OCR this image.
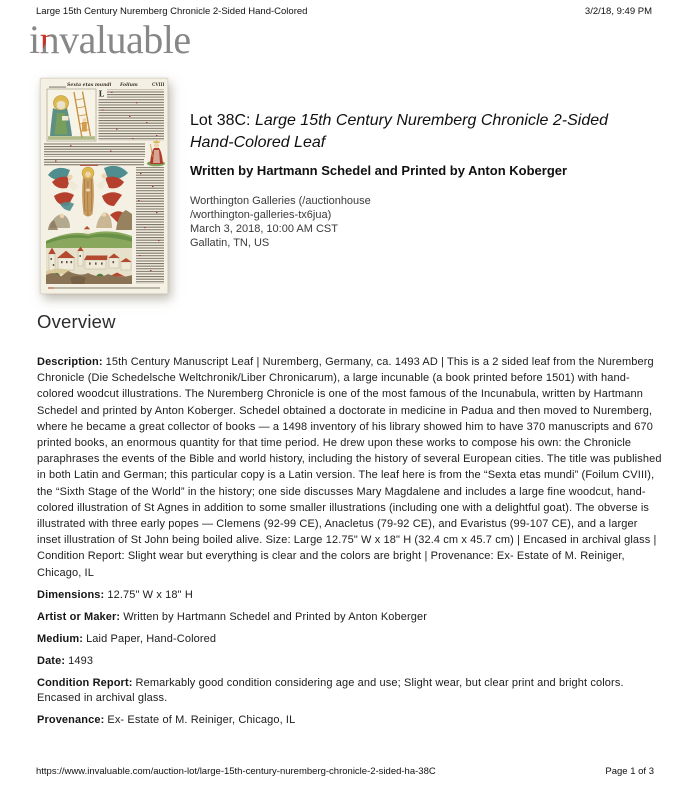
Large 15th Century Nuremberg Chronicle 2-Sided Hand-Colored	3/2/18, 9:49 PM
invaluable
Sexta etas mundi Folium	CVIII
L
Lot 38C: Large 15th Century Nuremberg Chronicle 2-Sided Hand-Colored Leaf
Written by Hartmann Schedel and Printed by Anton Koberger
Worthington Galleries (/auctionhouse
/worthington-galleries-tx6jua)
March 3, 2018, 10:00 AM CST
Gallatin, TN, US
Overview
Description: 15th Century Manuscript Leaf | Nuremberg, Germany, ca. 1493 AD | This is a 2 sided leaf from the Nuremberg Chronicle (Die Schedelsche Weltchronik/Liber Chronicarum), a large incunable (a book printed before 1501) with hand-colored woodcut illustrations. The Nuremberg Chronicle is one of the most famous of the Incunabula, written by Hartmann Schedel and printed by Anton Koberger. Schedel obtained a doctorate in medicine in Padua and then moved to Nuremberg, where he became a great collector of books — a 1498 inventory of his library showed him to have 370 manuscripts and 670 printed books, an enormous quantity for that time period. He drew upon these works to compose his own: the Chronicle paraphrases the events of the Bible and world history, including the history of several European cities. The title was published in both Latin and German; this particular copy is a Latin version. The leaf here is from the “Sexta etas mundi” (Foilum CVIII), the “Sixth Stage of the World” in the history; one side discusses Mary Magdalene and includes a large fine woodcut, hand-colored illustration of St Agnes in addition to some smaller illustrations (including one with a delightful goat). The obverse is illustrated with three early popes — Clemens (92-99 CE), Anacletus (79-92 CE), and Evaristus (99-107 CE), and a larger inset illustration of St John being boiled alive. Size: Large 12.75" W x 18" H (32.4 cm x 45.7 cm) | Encased in archival glass | Condition Report: Slight wear but everything is clear and the colors are bright | Provenance: Ex- Estate of M. Reiniger, Chicago, IL
Dimensions: 12.75" W x 18" H
Artist or Maker: Written by Hartmann Schedel and Printed by Anton Koberger
Medium: Laid Paper, Hand-Colored
Date: 1493
Condition Report: Remarkably good condition considering age and use; Slight wear, but clear print and bright colors. Encased in archival glass.
Provenance: Ex- Estate of M. Reiniger, Chicago, IL
https://www.invaluable.com/auction-lot/large-15th-century-nuremberg-chronicle-2-sided-ha-38C	Page 1 of 3
